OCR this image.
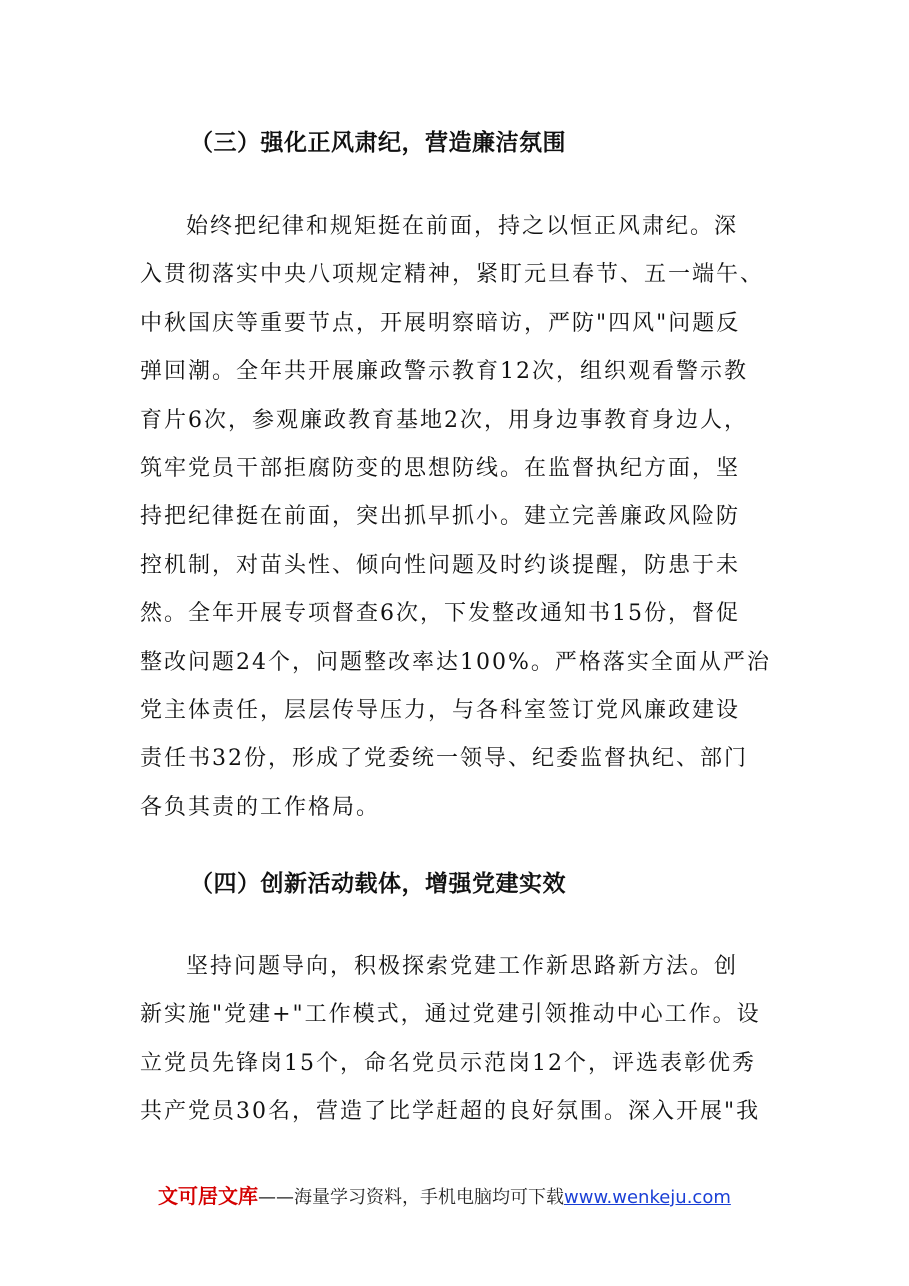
（三）强化正风肃纪，营造廉洁氛围
始终把纪律和规矩挺在前面，持之以恒正风肃纪。深
入贯彻落实中央八项规定精神，紧盯元旦春节、五一端午、
中秋国庆等重要节点，开展明察暗访，严防"四风"问题反
弹回潮。全年共开展廉政警示教育12次，组织观看警示教
育片6次，参观廉政教育基地2次，用身边事教育身边人，
筑牢党员干部拒腐防变的思想防线。在监督执纪方面，坚
持把纪律挺在前面，突出抓早抓小。建立完善廉政风险防
控机制，对苗头性、倾向性问题及时约谈提醒，防患于未
然。全年开展专项督查6次，下发整改通知书15份，督促
整改问题24个，问题整改率达100%。严格落实全面从严治
党主体责任，层层传导压力，与各科室签订党风廉政建设
责任书32份，形成了党委统一领导、纪委监督执纪、部门
各负其责的工作格局。
（四）创新活动载体，增强党建实效
坚持问题导向，积极探索党建工作新思路新方法。创
新实施"党建+"工作模式，通过党建引领推动中心工作。设
立党员先锋岗15个，命名党员示范岗12个，评选表彰优秀
共产党员30名，营造了比学赶超的良好氛围。深入开展"我
文可居文库——海量学习资料，手机电脑均可下载www.wenkeju.com
